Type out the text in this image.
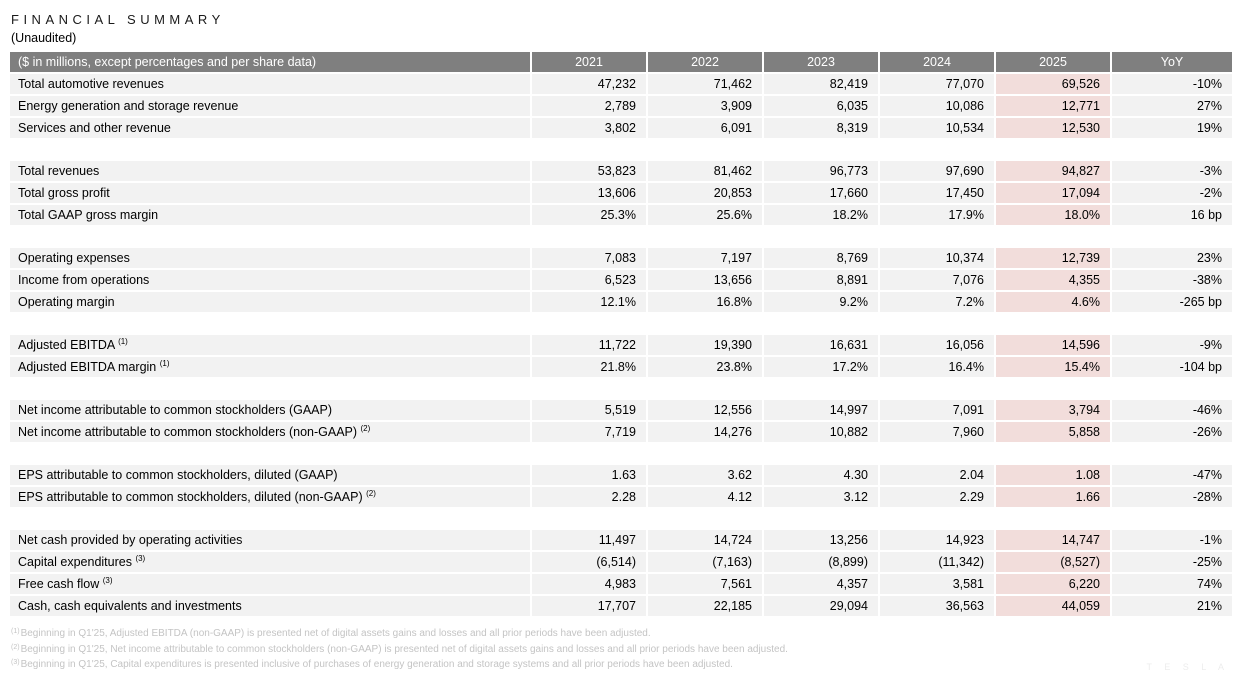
FINANCIAL SUMMARY
(Unaudited)
($ in millions, except percentages and per share data)	2021	2022	2023	2024	2025	YoY
Total automotive revenues	47,232	71,462	82,419	77,070	69,526	-10%
Energy generation and storage revenue	2,789	3,909	6,035	10,086	12,771	27%
Services and other revenue	3,802	6,091	8,319	10,534	12,530	19%

Total revenues	53,823	81,462	96,773	97,690	94,827	-3%
Total gross profit	13,606	20,853	17,660	17,450	17,094	-2%
Total GAAP gross margin	25.3%	25.6%	18.2%	17.9%	18.0%	16 bp

Operating expenses	7,083	7,197	8,769	10,374	12,739	23%
Income from operations	6,523	13,656	8,891	7,076	4,355	-38%
Operating margin	12.1%	16.8%	9.2%	7.2%	4.6%	-265 bp

Adjusted EBITDA $^{(1)}$	11,722	19,390	16,631	16,056	14,596	-9%
Adjusted EBITDA margin $^{(1)}$	21.8%	23.8%	17.2%	16.4%	15.4%	-104 bp

Net income attributable to common stockholders (GAAP)	5,519	12,556	14,997	7,091	3,794	-46%
Net income attributable to common stockholders (non-GAAP) $^{(2)}$	7,719	14,276	10,882	7,960	5,858	-26%

EPS attributable to common stockholders, diluted (GAAP)	1.63	3.62	4.30	2.04	1.08	-47%
EPS attributable to common stockholders, diluted (non-GAAP) $^{(2)}$	2.28	4.12	3.12	2.29	1.66	-28%

Net cash provided by operating activities	11,497	14,724	13,256	14,923	14,747	-1%
Capital expenditures $^{(3)}$	(6,514)	(7,163)	(8,899)	(11,342)	(8,527)	-25%
Free cash flow $^{(3)}$	4,983	7,561	4,357	3,581	6,220	74%
Cash, cash equivalents and investments	17,707	22,185	29,094	36,563	44,059	21%
$^{(1)}$Beginning in Q1'25, Adjusted EBITDA (non-GAAP) is presented net of digital assets gains and losses and all prior periods have been adjusted.
$^{(2)}$Beginning in Q1'25, Net income attributable to common stockholders (non-GAAP) is presented net of digital assets gains and losses and all prior periods have been adjusted.
$^{(3)}$Beginning in Q1'25, Capital expenditures is presented inclusive of purchases of energy generation and storage systems and all prior periods have been adjusted.	T E S L A
